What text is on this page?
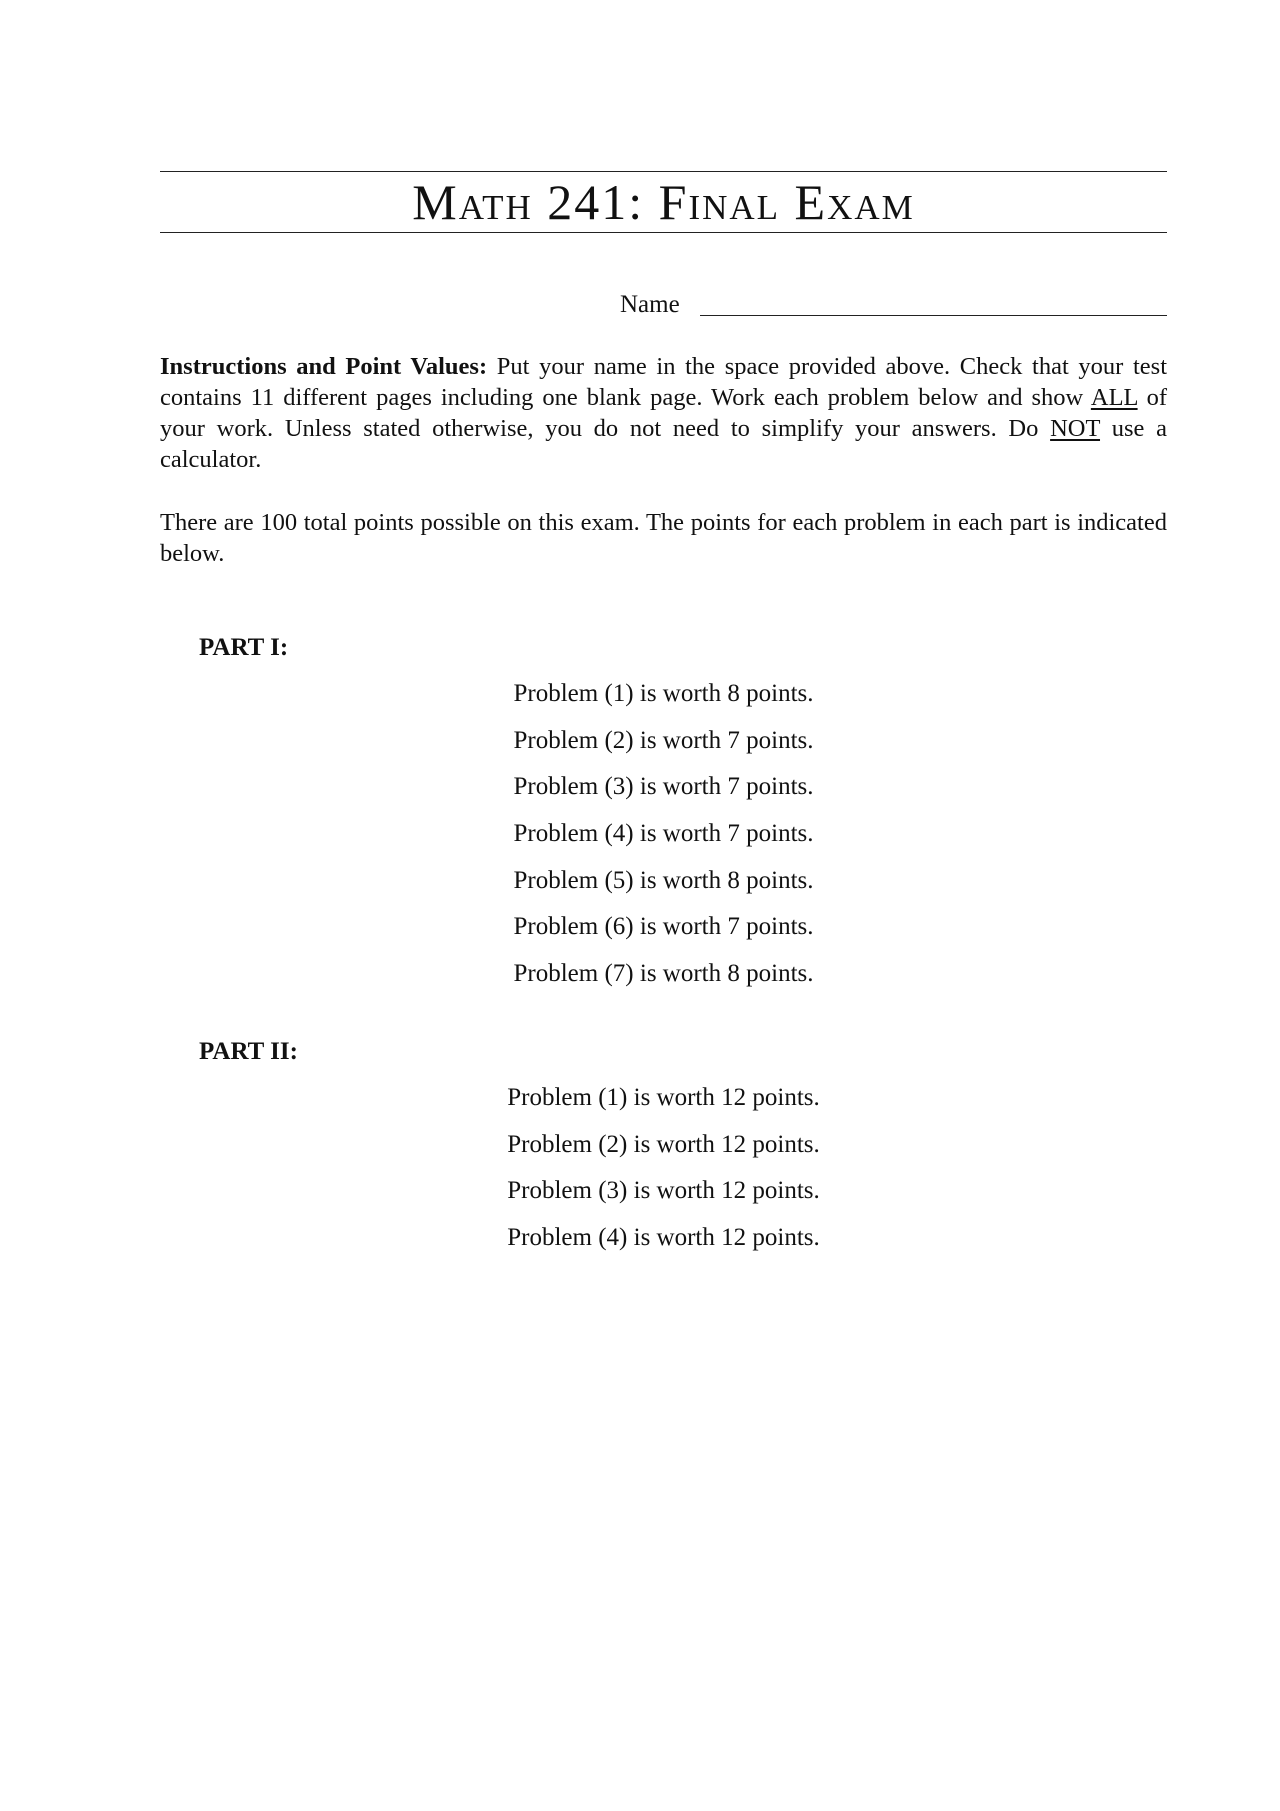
Math 241: Final Exam
Name

Instructions and Point Values: Put your name in the space provided above. Check that your test contains 11 different pages including one blank page. Work each problem below and show ALL of your work. Unless stated otherwise, you do not need to simplify your answers. Do NOT use a calculator.

There are 100 total points possible on this exam. The points for each problem in each part is indicated below.

PART I:
Problem (1) is worth 8 points.
Problem (2) is worth 7 points.
Problem (3) is worth 7 points.
Problem (4) is worth 7 points.
Problem (5) is worth 8 points.
Problem (6) is worth 7 points.
Problem (7) is worth 8 points.
PART II:
Problem (1) is worth 12 points.
Problem (2) is worth 12 points.
Problem (3) is worth 12 points.
Problem (4) is worth 12 points.
